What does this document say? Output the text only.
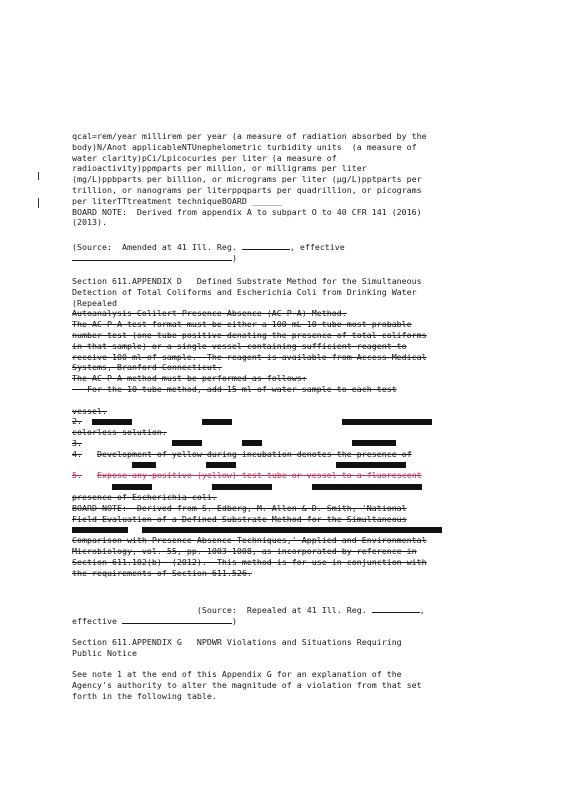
qcal=rem/year millirem per year (a measure of radiation absorbed by the
body)N/Anot applicableNTUnephelometric turbidity units  (a measure of
water clarity)pCi/Lpicocuries per liter (a measure of
radioactivity)ppmparts per million, or milligrams per liter
(mg/L)ppbparts per billion, or micrograms per liter (µg/L)pptparts per
trillion, or nanograms per literppqparts per quadrillion, or picograms
per literTTtreatment techniqueBOARD ______
BOARD NOTE:  Derived from appendix A to subpart O to 40 CFR 141 (2016)
(2013).
(Source:  Amended at 41 Ill. Reg.	, effective
)
Section 611.APPENDIX D   Defined Substrate Method for the Simultaneous
Detection of Total Coliforms and Escherichia Coli from Drinking Water
(Repealed
Autoanalysis Colilert Presence-Absence (AC P-A) Method.
The AC P-A test format must be either a 100 mL 10-tube most probable
number test (one tube positive denoting the presence of total coliforms
in that sample) or a single vessel containing sufficient reagent to
receive 100 ml of sample.  The reagent is available from Access Medical
Systems, Branford Connecticut.
The AC P-A method must be performed as follows:
For the 10-tube method, add 15 ml of water sample to each test

vessel.
2.
colorless solution.
3.
4. Development of yellow during incubation denotes the presence of
5. Expose any positive (yellow) test tube or vessel to a fluorescent
presence of Escherichia coli.
BOARD NOTE:  Derived from S. Edberg, M. Allen & D. Smith, 'National
Field Evaluation of a Defined Substrate Method for the Simultaneous
Comparison with Presence Absence Techniques,' Applied and Environmental
Microbiology, vol. 55, pp. 1003-1008, as incorporated by reference in
Section 611.102(b)  (2012).  This method is for use in conjunction with
the requirements of Section 611.526.
(Source:  Repealed at 41 Ill. Reg.	,
effective	)
Section 611.APPENDIX G   NPDWR Violations and Situations Requiring
Public Notice
See note 1 at the end of this Appendix G for an explanation of the
Agency's authority to alter the magnitude of a violation from that set
forth in the following table.
